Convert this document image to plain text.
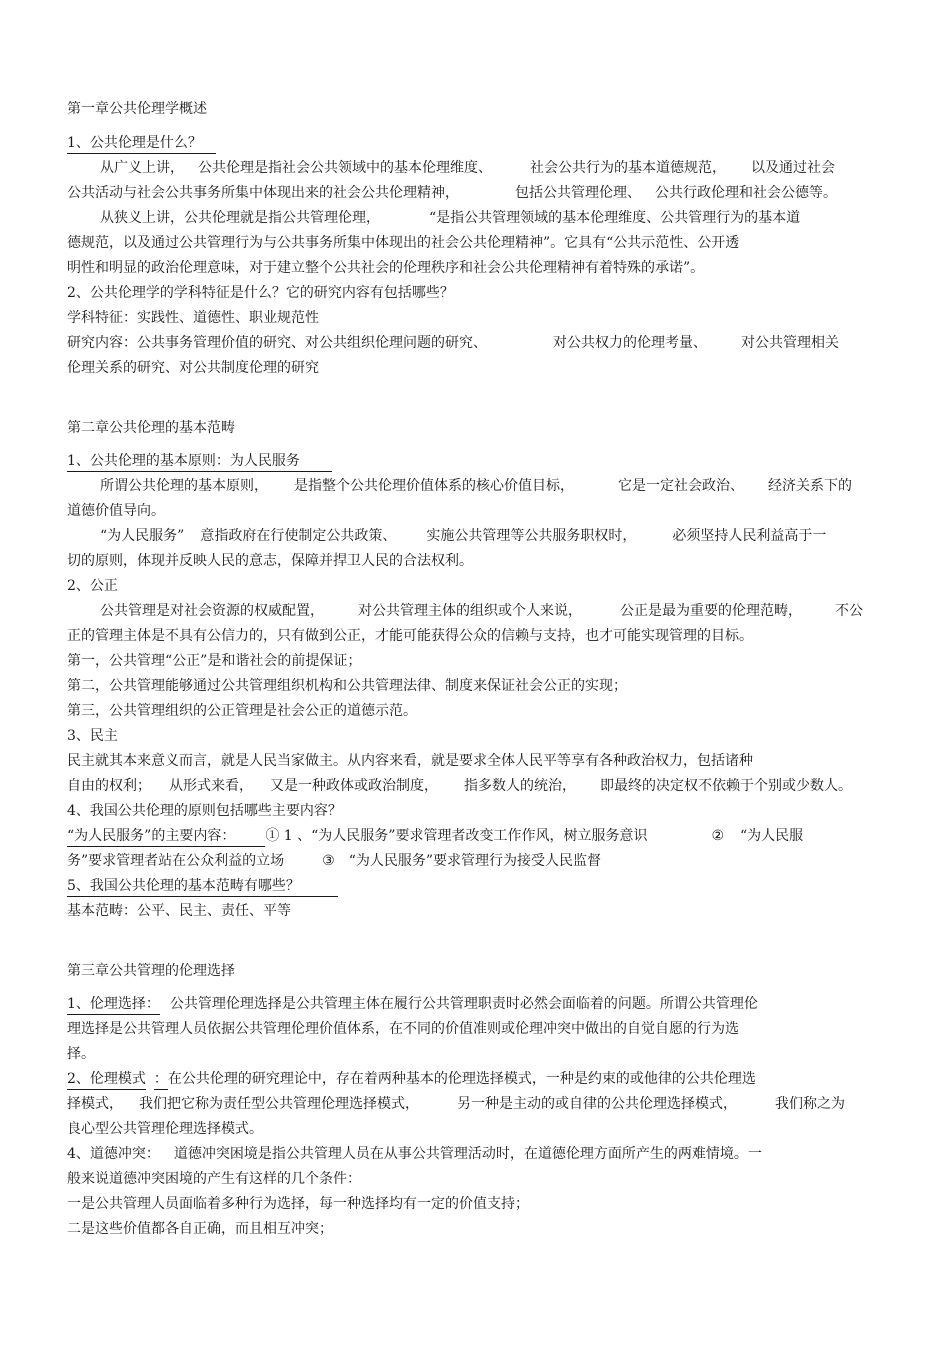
第一章公共伦理学概述
1、公共伦理是什么？
从广义上讲， 公共伦理是指社会公共领域中的基本伦理维度、	社会公共行为的基本道德规范， 以及通过社会
公共活动与社会公共事务所集中体现出来的社会公共伦理精神，	包括公共管理伦理、 公共行政伦理和社会公德等。
从狭义上讲，公共伦理就是指公共管理伦理，	“是指公共管理领域的基本伦理维度、公共管理行为的基本道
德规范，以及通过公共管理行为与公共事务所集中体现出的社会公共伦理精神”。它具有“公共示范性、公开透
明性和明显的政治伦理意味，对于建立整个公共社会的伦理秩序和社会公共伦理精神有着特殊的承诺”。
2、公共伦理学的学科特征是什么？它的研究内容有包括哪些？
学科特征：实践性、道德性、职业规范性
研究内容：公共事务管理价值的研究、对公共组织伦理问题的研究、	对公共权力的伦理考量、 对公共管理相关
伦理关系的研究、对公共制度伦理的研究
第二章公共伦理的基本范畴
1、公共伦理的基本原则：为人民服务
所谓公共伦理的基本原则， 是指整个公共伦理价值体系的核心价值目标，	它是一定社会政治、 经济关系下的
道德价值导向。
“为人民服务” 意指政府在行使制定公共政策、 实施公共管理等公共服务职权时，	必须坚持人民利益高于一
切的原则，体现并反映人民的意志，保障并捍卫人民的合法权利。
2、公正
公共管理是对社会资源的权威配置， 对公共管理主体的组织或个人来说，	公正是最为重要的伦理范畴， 不公
正的管理主体是不具有公信力的，只有做到公正，才能可能获得公众的信赖与支持，也才可能实现管理的目标。
第一，公共管理“公正”是和谐社会的前提保证；
第二，公共管理能够通过公共管理组织机构和公共管理法律、制度来保证社会公正的实现；
第三，公共管理组织的公正管理是社会公正的道德示范。
3、民主
民主就其本来意义而言，就是人民当家做主。从内容来看，就是要求全体人民平等享有各种政治权力，包括诸种
自由的权利； 从形式来看， 又是一种政体或政治制度， 指多数人的统治， 即最终的决定权不依赖于个别或少数人。
4、我国公共伦理的原则包括哪些主要内容？
“为人民服务”的主要内容： ① 1 、“为人民服务”要求管理者改变工作作风，树立服务意识	② “为人民服
务”要求管理者站在公众利益的立场	③ “为人民服务”要求管理行为接受人民监督
5、我国公共伦理的基本范畴有哪些？
基本范畴：公平、民主、责任、平等
第三章公共管理的伦理选择
1、伦理选择： 公共管理伦理选择是公共管理主体在履行公共管理职责时必然会面临着的问题。所谓公共管理伦
理选择是公共管理人员依据公共管理伦理价值体系，在不同的价值准则或伦理冲突中做出的自觉自愿的行为选
择。
2、伦理模式 ：在公共伦理的研究理论中，存在着两种基本的伦理选择模式，一种是约束的或他律的公共伦理选
择模式， 我们把它称为责任型公共管理伦理选择模式，	另一种是主动的或自律的公共伦理选择模式，	我们称之为
良心型公共管理伦理选择模式。
4、道德冲突： 道德冲突困境是指公共管理人员在从事公共管理活动时，在道德伦理方面所产生的两难情境。一
般来说道德冲突困境的产生有这样的几个条件：
一是公共管理人员面临着多种行为选择，每一种选择均有一定的价值支持；
二是这些价值都各自正确，而且相互冲突；
